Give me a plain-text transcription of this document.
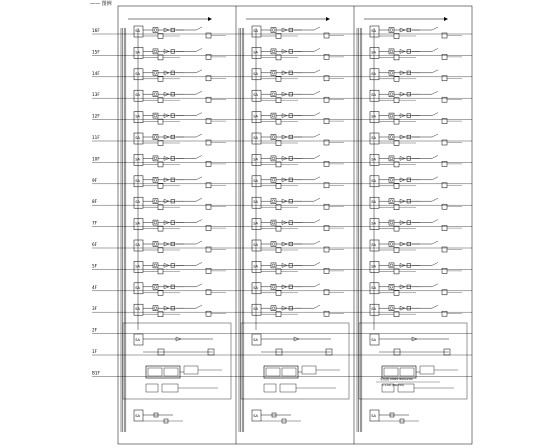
—— 图例
16F
15F
14F
13F
12F
11F
10F
9F
8F
7F
6F
5F
4F
3F
2F
1F
B1F
SA
SA
SA
SA
SA
SA
SA
SA
SA
SA
SA
SA
SA
SA
SA
SA
SA
SA
SA
SA
SA
SA
SA
SA
SA
SA
SA
SA
SA
SA
SA
SA
SA
SA
SA
SA
SA
SA
SA
SA
SA
SA
SA
SA
SA
SA
SA
SA
系统图 DN65 800x200
1:100 (DN150)
